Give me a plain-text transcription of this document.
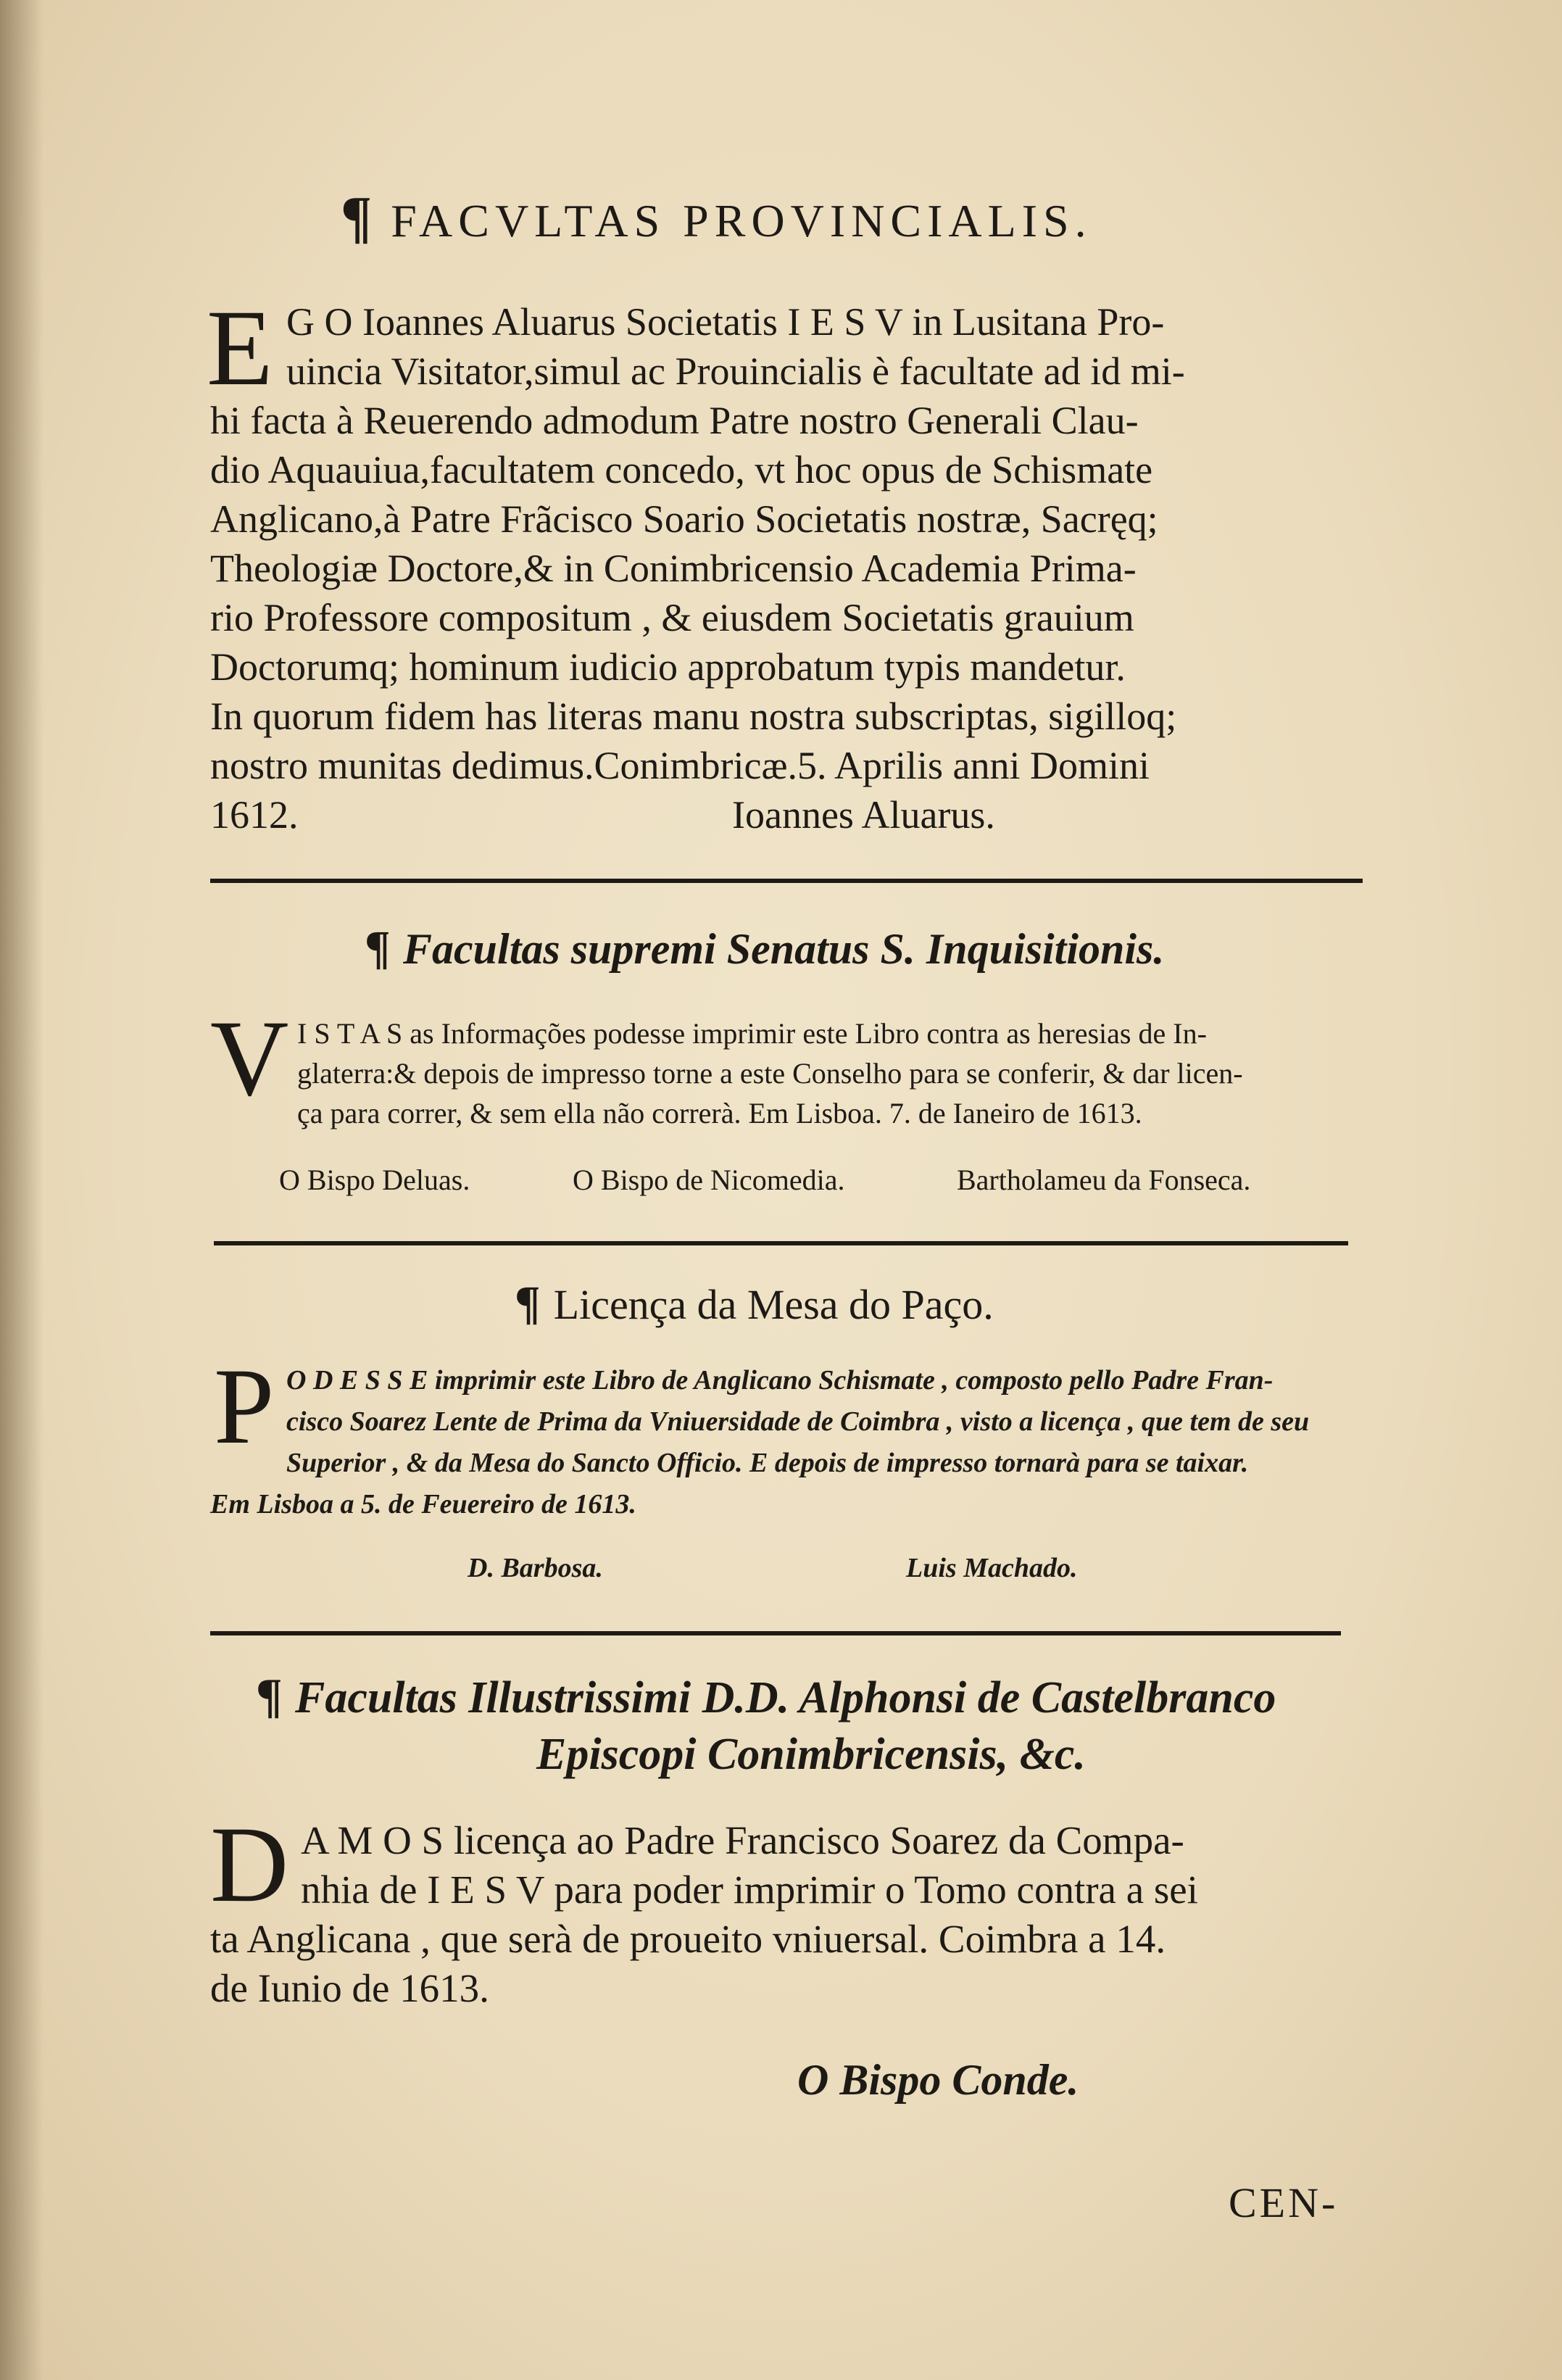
¶ FACVLTAS PROVINCIALIS.
E G O Ioannes Aluarus Societatis I E S V in Lusitana Pro-
uincia Visitator,simul ac Prouincialis è facultate ad id mi-
hi facta à Reuerendo admodum Patre nostro Generali Clau-
dio Aquauiua,facultatem concedo, vt hoc opus de Schismate
Anglicano,à Patre Frãcisco Soario Societatis nostræ, Sacręq;
Theologiæ Doctore,& in Conimbricensio Academia Prima-
rio Professore compositum , & eiusdem Societatis grauium
Doctorumq; hominum iudicio approbatum typis mandetur.
In quorum fidem has literas manu nostra subscriptas, sigilloq;
nostro munitas dedimus.Conimbricæ.5. Aprilis anni Domini
1612.	Ioannes Aluarus.
¶ Facultas supremi Senatus S. Inquisitionis.
V I S T A S as Informações podesse imprimir este Libro contra as heresias de In-
glaterra:& depois de impresso torne a este Conselho para se conferir, & dar licen-
ça para correr, & sem ella não correrà. Em Lisboa. 7. de Ianeiro de 1613.
O Bispo Deluas.	O Bispo de Nicomedia.	Bartholameu da Fonseca.
¶ Licença da Mesa do Paço.
P O D E S S E imprimir este Libro de Anglicano Schismate , composto pello Padre Fran-
cisco Soarez Lente de Prima da Vniuersidade de Coimbra , visto a licença , que tem de seu
Superior , & da Mesa do Sancto Officio. E depois de impresso tornarà para se taixar.
Em Lisboa a 5. de Feuereiro de 1613.
D. Barbosa.	Luis Machado.
¶ Facultas Illustrissimi D.D. Alphonsi de Castelbranco
Episcopi Conimbricensis, &c.
D A M O S licença ao Padre Francisco Soarez da Compa-
nhia de I E S V para poder imprimir o Tomo contra a sei
ta Anglicana , que serà de proueito vniuersal. Coimbra a 14.
de Iunio de 1613.
O Bispo Conde.
CEN-
